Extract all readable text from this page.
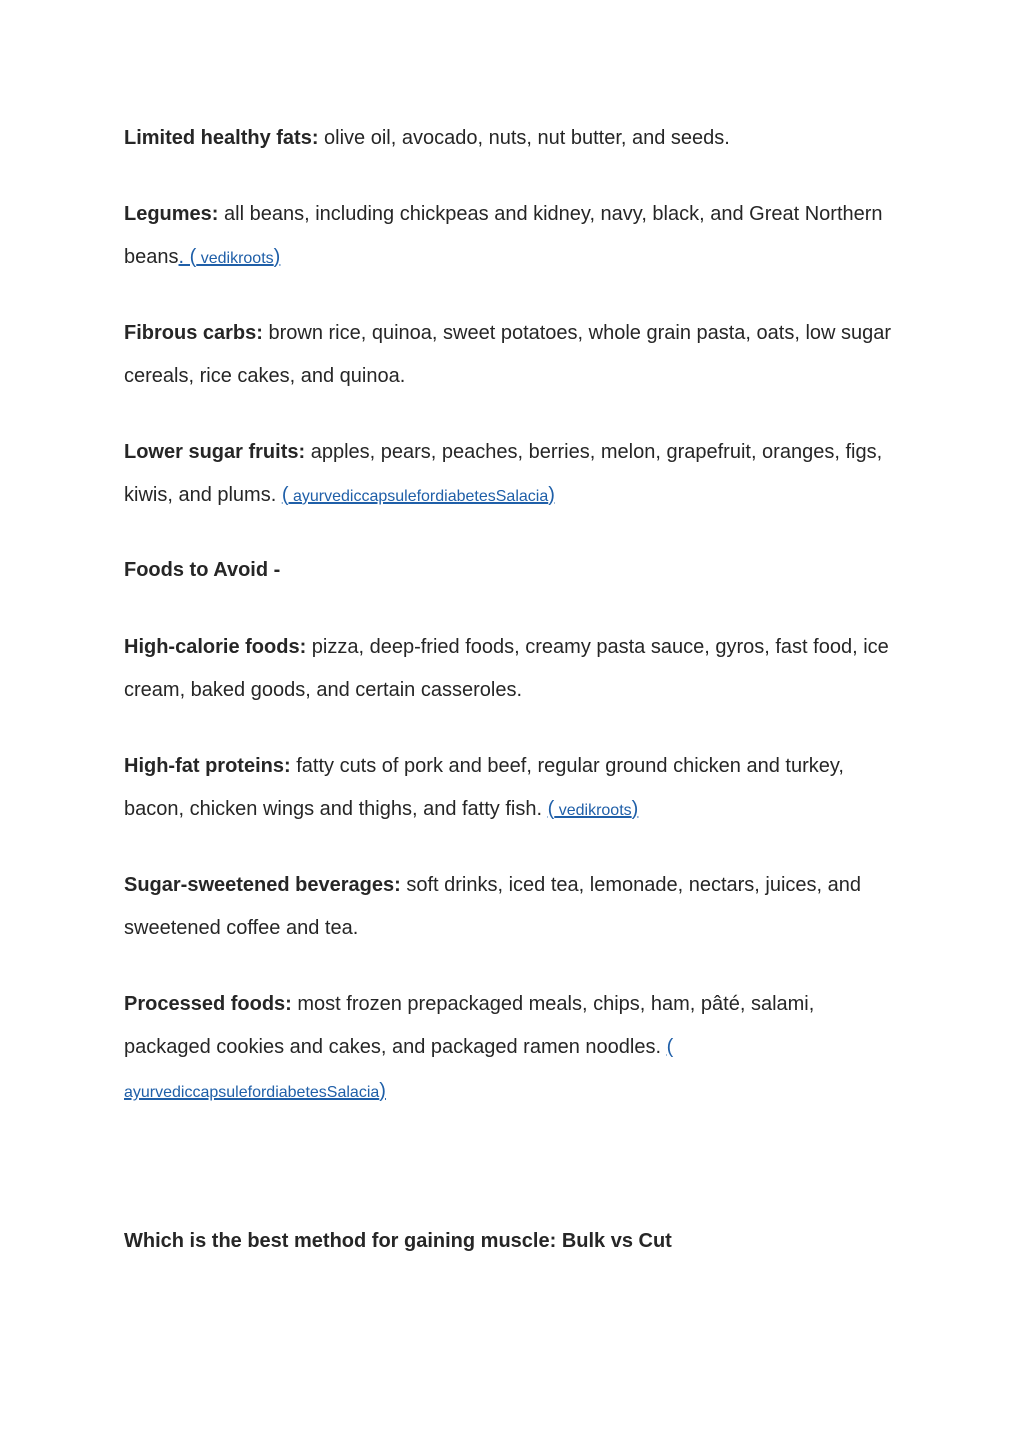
Limited healthy fats: olive oil, avocado, nuts, nut butter, and seeds.

Legumes: all beans, including chickpeas and kidney, navy, black, and Great Northern beans. ( vedikroots)

Fibrous carbs: brown rice, quinoa, sweet potatoes, whole grain pasta, oats, low sugar cereals, rice cakes, and quinoa.

Lower sugar fruits: apples, pears, peaches, berries, melon, grapefruit, oranges, figs, kiwis, and plums. ( ayurvediccapsulefordiabetesSalacia)

Foods to Avoid -

High-calorie foods: pizza, deep-fried foods, creamy pasta sauce, gyros, fast food, ice cream, baked goods, and certain casseroles.

High-fat proteins: fatty cuts of pork and beef, regular ground chicken and turkey, bacon, chicken wings and thighs, and fatty fish. ( vedikroots)

Sugar-sweetened beverages: soft drinks, iced tea, lemonade, nectars, juices, and sweetened coffee and tea.

Processed foods: most frozen prepackaged meals, chips, ham, pâté, salami, packaged cookies and cakes, and packaged ramen noodles. ( ayurvediccapsulefordiabetesSalacia)

Which is the best method for gaining muscle: Bulk vs Cut
